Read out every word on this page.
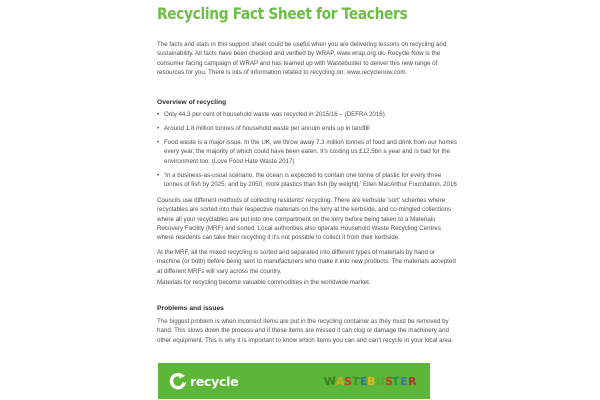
Recycling Fact Sheet for Teachers

The facts and stats in this support sheet could be useful when you are delivering lessons on recycling and sustainability. All facts have been checked and verified by WRAP, www.wrap.org.uk. Recycle Now is the consumer facing campaign of WRAP and has teamed up with Wastebuster to deliver this new range of resources for you. There is lots of information related to recycling on: www.recyclenow.com.

Overview of recycling
• Only 44.3 per cent of household waste was recycled in 2015/16 – (DEFRA 2016)
• Around 1.8 million tonnes of household waste per annum ends up in landfill
• Food waste is a major issue. In the UK, we throw away 7.3 million tonnes of food and drink from our homes every year, the majority of which could have been eaten. It's costing us £12.5bn a year and is bad for the environment too. (Love Food Hate Waste 2017)
• 'In a business-as-usual scenario, the ocean is expected to contain one tonne of plastic for every three tonnes of fish by 2025, and by 2050, more plastics than fish [by weight].' Ellen MacArthur Foundation, 2016

Councils use different methods of collecting residents' recycling. There are kerbside 'sort' schemes where recyclables are sorted into their respective materials on the lorry at the kerbside, and co-mingled collections where all your recyclables are put into one compartment on the lorry before being taken to a Materials Recovery Facility (MRF) and sorted. Local authorities also operate Household Waste Recycling Centres where residents can take their recycling if it's not possible to collect it from their kerbside.

At the MRF, all the mixed recycling is sorted and separated into different types of materials by hand or machine (or both) before being sent to manufacturers who make it into new products. The materials accepted at different MRFs will vary across the country.

Materials for recycling become valuable commodities in the worldwide market.

Problems and issues

The biggest problem is when incorrect items are put in the recycling container as they must be removed by hand. This slows down the process and if these items are missed it can clog or damage the machinery and other equipment. This is why it is important to know which items you can and can't recycle in your local area.

recycle	W
A S T E
B
U S T E R
